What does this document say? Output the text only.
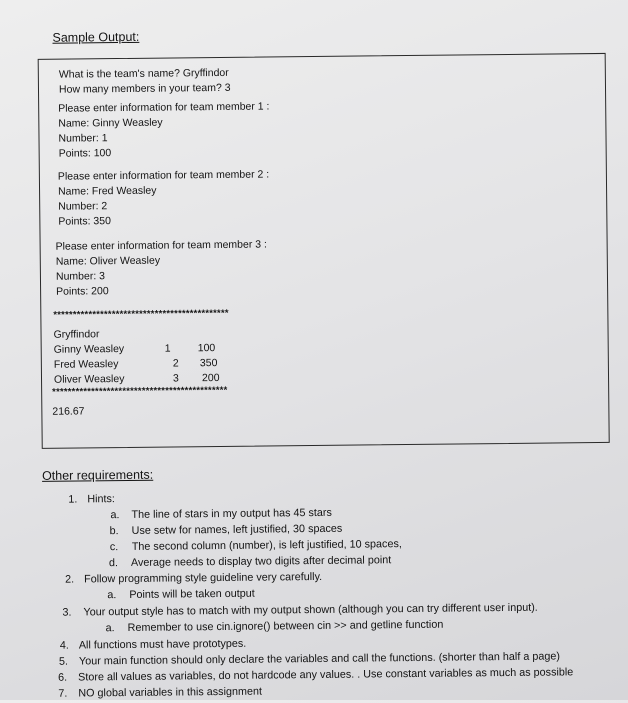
Sample Output:
What is the team's name? Gryffindor
How many members in your team? 3
Please enter information for team member 1 :
Name: Ginny Weasley
Number: 1
Points: 100
Please enter information for team member 2 :
Name: Fred Weasley
Number: 2
Points: 350
Please enter information for team member 3 :
Name: Oliver Weasley
Number: 3
Points: 200
*********************************************
Gryffindor
Ginny Weasley	1	100
Fred Weasley	2 350
Oliver Weasley	3 200
*********************************************
216.67
Other requirements:
1. Hints:
a. The line of stars in my output has 45 stars
b. Use setw for names, left justified, 30 spaces
c. The second column (number), is left justified, 10 spaces,
d. Average needs to display two digits after decimal point
2. Follow programming style guideline very carefully.
a. Points will be taken output
3. Your output style has to match with my output shown (although you can try different user input).
a. Remember to use cin.ignore() between cin >> and getline function
4. All functions must have prototypes.
5. Your main function should only declare the variables and call the functions. (shorter than half a page)
6. Store all values as variables, do not hardcode any values. . Use constant variables as much as possible
7. NO global variables in this assignment
